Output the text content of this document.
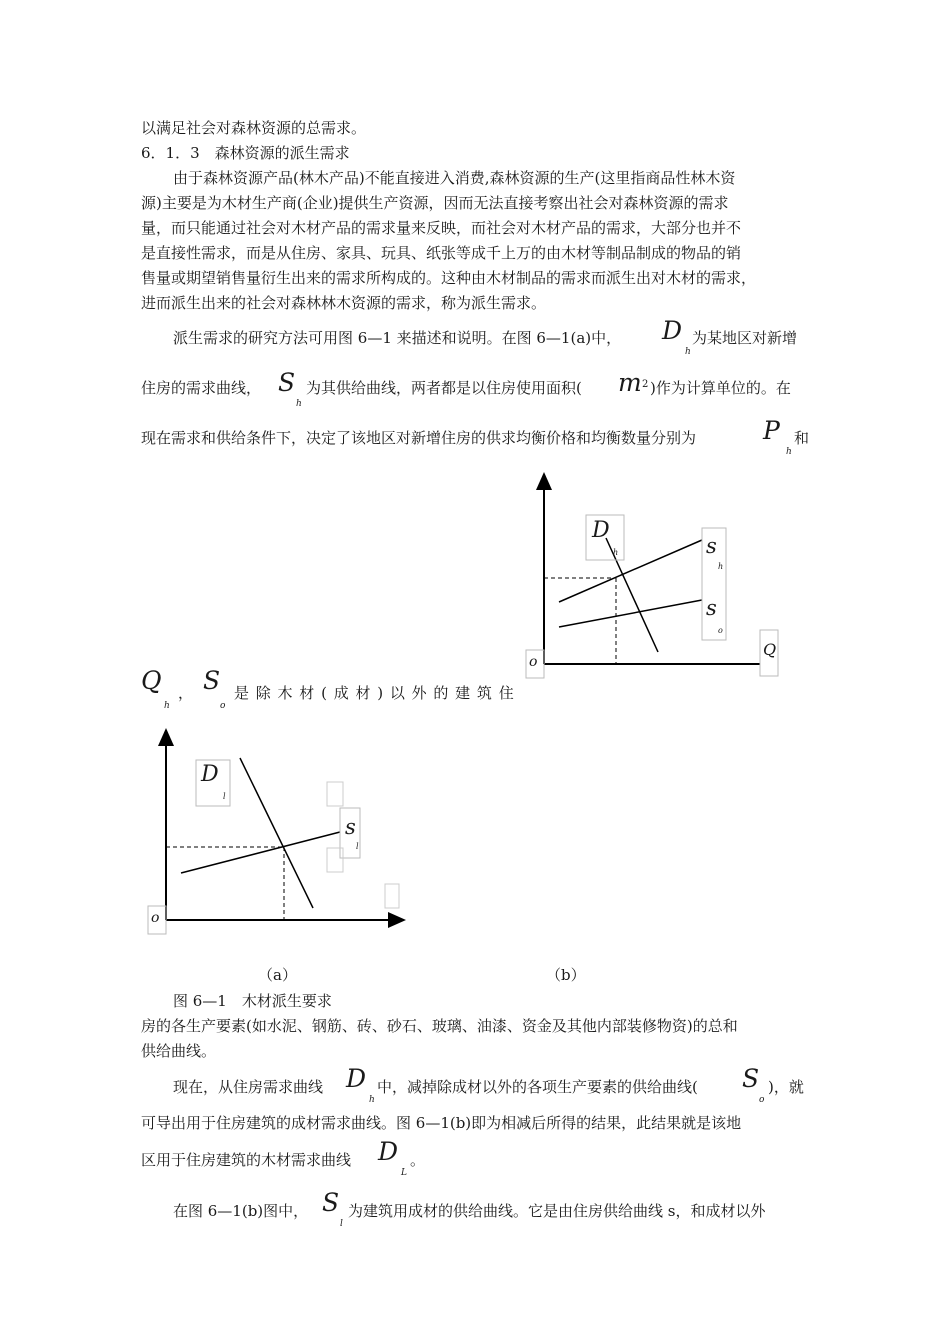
以满足社会对森林资源的总需求。
6．1．3　森林资源的派生需求
由于森林资源产品(林木产品)不能直接进入消费,森林资源的生产(这里指商品性林木资
源)主要是为木材生产商(企业)提供生产资源，因而无法直接考察出社会对森林资源的需求
量，而只能通过社会对木材产品的需求量来反映，而社会对木材产品的需求，大部分也并不
是直接性需求，而是从住房、家具、玩具、纸张等成千上万的由木材等制品制成的物品的销
售量或期望销售量衍生出来的需求所构成的。这种由木材制品的需求而派生出对木材的需求，
进而派生出来的社会对森林林木资源的需求，称为派生需求。
派生需求的研究方法可用图 6—1 来描述和说明。在图 6—1(a)中， D
h
为某地区对新增
住房的需求曲线， S
h
为其供给曲线，两者都是以住房使用面积( m 2 )作为计算单位的。在
现在需求和供给条件下，决定了该地区对新增住房的供求均衡价格和均衡数量分别为	P
h
和
Q
h
， S
o
是 除 木 材 ( 成 材 ) 以 外 的 建 筑 住
D
h	s
h
s
o
o
Q
D
l
s
l
o
（a）	（b）
图 6—1　木材派生要求
房的各生产要素(如水泥、钢筋、砖、砂石、玻璃、油漆、资金及其他内部装修物资)的总和
供给曲线。
现在，从住房需求曲线 D
h
中，减掉除成材以外的各项生产要素的供给曲线( S
o
)，就
可导出用于住房建筑的成材需求曲线。图 6—1(b)即为相减后所得的结果，此结果就是该地
区用于住房建筑的木材需求曲线 D
L
。
在图 6—1(b)图中， S
l
为建筑用成材的供给曲线。它是由住房供给曲线 s，和成材以外
